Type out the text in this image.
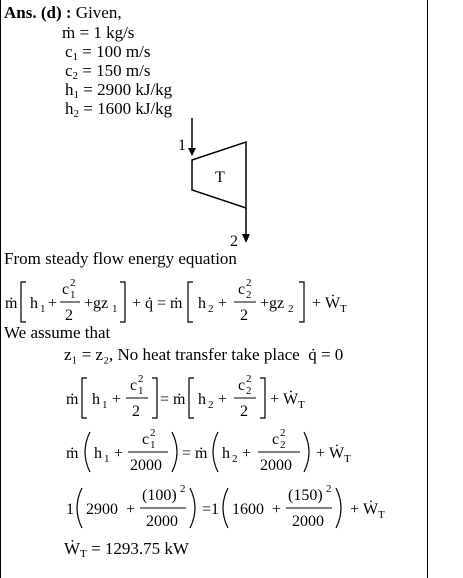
Ans. (d) : Given,
ṁ = 1 kg/s
$c_1 = 100$ m/s
$c_2 = 150$ m/s
$h_1 = 2900$ kJ/kg
$h_2 = 1600$ kJ/kg
1
T
2
From steady flow energy equation
ṁ h 1 +
c 2
1
2
+gz 1 + q̇ = ṁ h 2 +
c 2
2
2
+gz 2 + Ẇ T
We assume that
z₁ = z₂, No heat transfer take place q̇ = 0
ṁ h 1 +
c 2
1
2
= ṁ h 2 +
c 2
2
2
+ Ẇ T
ṁ h 1 +
c 2
1
2000
= ṁ h 2 +
c 2
2
2000
+ Ẇ T
1 2900 +
(100) 2
2000
=1 1600 +
(150) 2
2000
+ Ẇ T
Ẇ$_T$ = 1293.75 kW
